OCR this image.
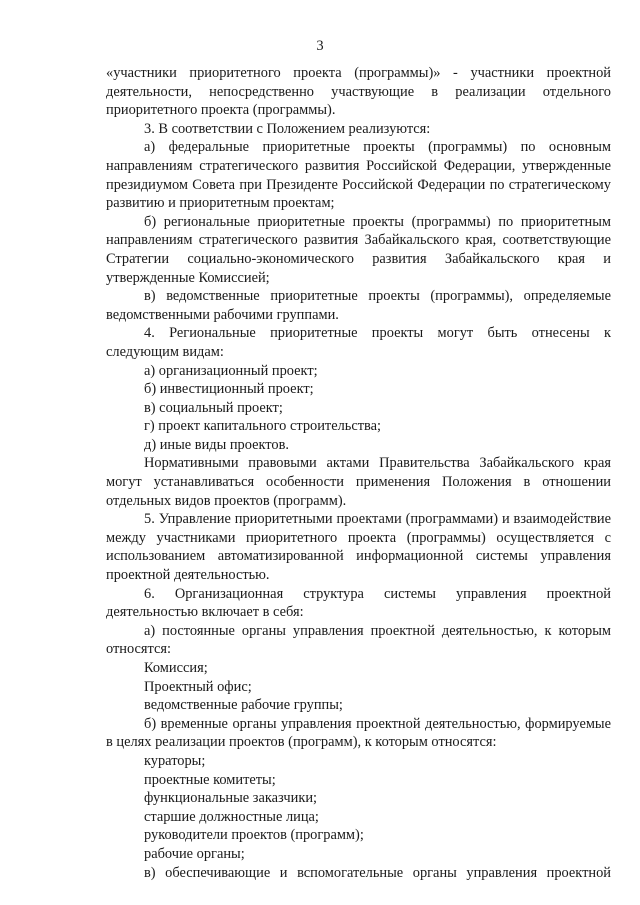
3

«участники приоритетного проекта (программы)» - участники проектной деятельности, непосредственно участвующие в реализации отдельного приоритетного проекта (программы).

3. В соответствии с Положением реализуются:

а) федеральные приоритетные проекты (программы) по основным направлениям стратегического развития Российской Федерации, утвержденные президиумом Совета при Президенте Российской Федерации по стратегическому развитию и приоритетным проектам;

б) региональные приоритетные проекты (программы) по приоритетным направлениям стратегического развития Забайкальского края, соответствующие Стратегии социально-экономического развития Забайкальского края и утвержденные Комиссией;

в) ведомственные приоритетные проекты (программы), определяемые ведомственными рабочими группами.

4. Региональные приоритетные проекты могут быть отнесены к следующим видам:

а) организационный проект;

б) инвестиционный проект;

в) социальный проект;

г) проект капитального строительства;

д) иные виды проектов.

Нормативными правовыми актами Правительства Забайкальского края могут устанавливаться особенности применения Положения в отношении отдельных видов проектов (программ).

5. Управление приоритетными проектами (программами) и взаимодействие между участниками приоритетного проекта (программы) осуществляется с использованием автоматизированной информационной системы управления проектной деятельностью.

6. Организационная структура системы управления проектной деятельностью включает в себя:

а) постоянные органы управления проектной деятельностью, к которым относятся:

Комиссия;

Проектный офис;

ведомственные рабочие группы;

б) временные органы управления проектной деятельностью, формируемые в целях реализации проектов (программ), к которым относятся:

кураторы;

проектные комитеты;

функциональные заказчики;

старшие должностные лица;

руководители проектов (программ);

рабочие органы;

в) обеспечивающие и вспомогательные органы управления проектной
